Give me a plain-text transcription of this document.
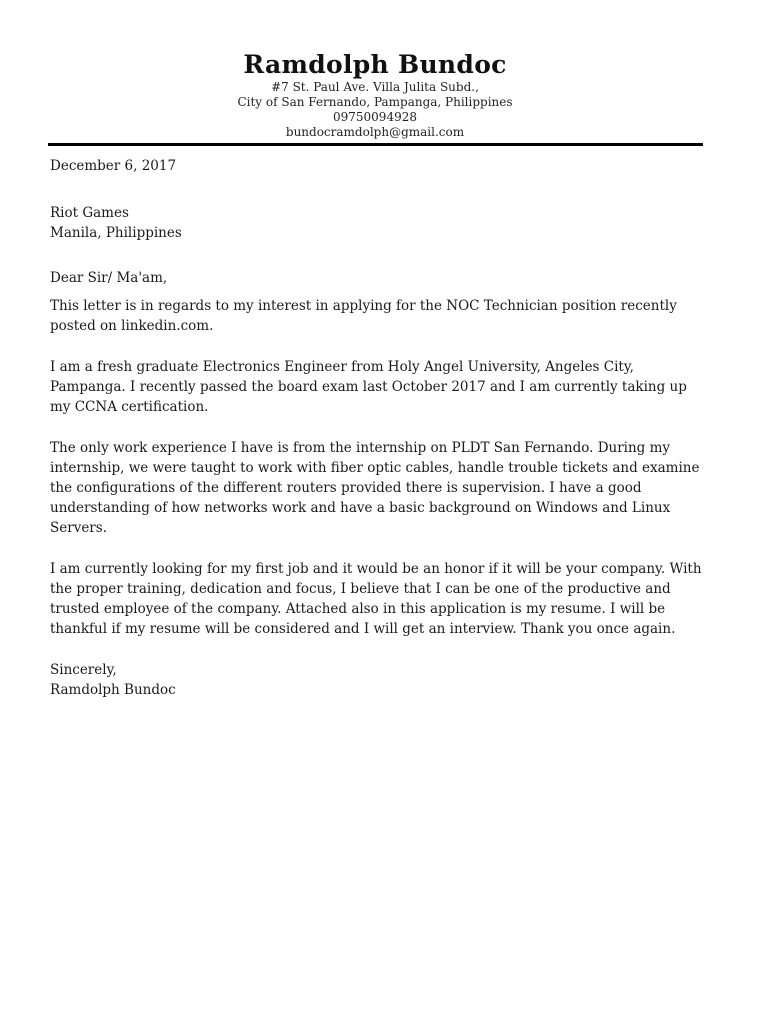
Ramdolph Bundoc
#7 St. Paul Ave. Villa Julita Subd.,
City of San Fernando, Pampanga, Philippines
09750094928
bundocramdolph@gmail.com

December 6, 2017

Riot Games

Manila, Philippines

Dear Sir/ Ma'am,

This letter is in regards to my interest in applying for the NOC Technician position recently posted on linkedin.com.

I am a fresh graduate Electronics Engineer from Holy Angel University, Angeles City, Pampanga. I recently passed the board exam last October 2017 and I am currently taking up my CCNA certification.

The only work experience I have is from the internship on PLDT San Fernando. During my internship, we were taught to work with fiber optic cables, handle trouble tickets and examine the configurations of the different routers provided there is supervision. I have a good understanding of how networks work and have a basic background on Windows and Linux Servers.

I am currently looking for my first job and it would be an honor if it will be your company. With the proper training, dedication and focus, I believe that I can be one of the productive and trusted employee of the company. Attached also in this application is my resume. I will be thankful if my resume will be considered and I will get an interview. Thank you once again.

Sincerely,

Ramdolph Bundoc
